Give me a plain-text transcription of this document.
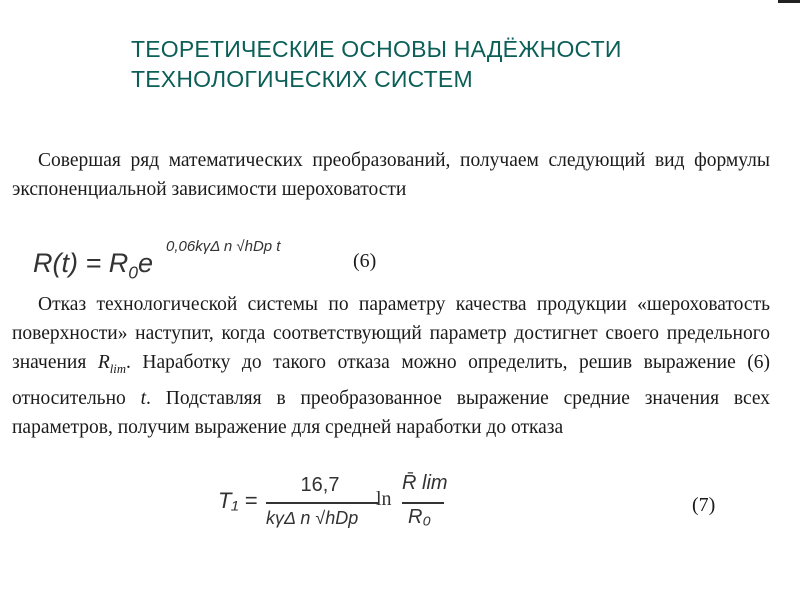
ТЕОРЕТИЧЕСКИЕ ОСНОВЫ НАДЁЖНОСТИ
ТЕХНОЛОГИЧЕСКИХ СИСТЕМ
Совершая ряд математических преобразований, получаем следующий вид формулы экспоненциальной зависимости шероховатости
$R(t) = R_0e$
0,06kγΔ n √hDp t
(6)
Отказ технологической системы по параметру качества продукции «шероховатость поверхности» наступит, когда соответствующий параметр достигнет своего предельного значения $R_{lim}$. Наработку до такого отказа можно определить, решив выражение (6) относительно t. Подставляя в преобразованное выражение средние значения всех параметров, получим выражение для средней наработки до отказа
T₁ =
16,7
kγΔ n √hDp
ln
R̄ lim
R₀
(7)
